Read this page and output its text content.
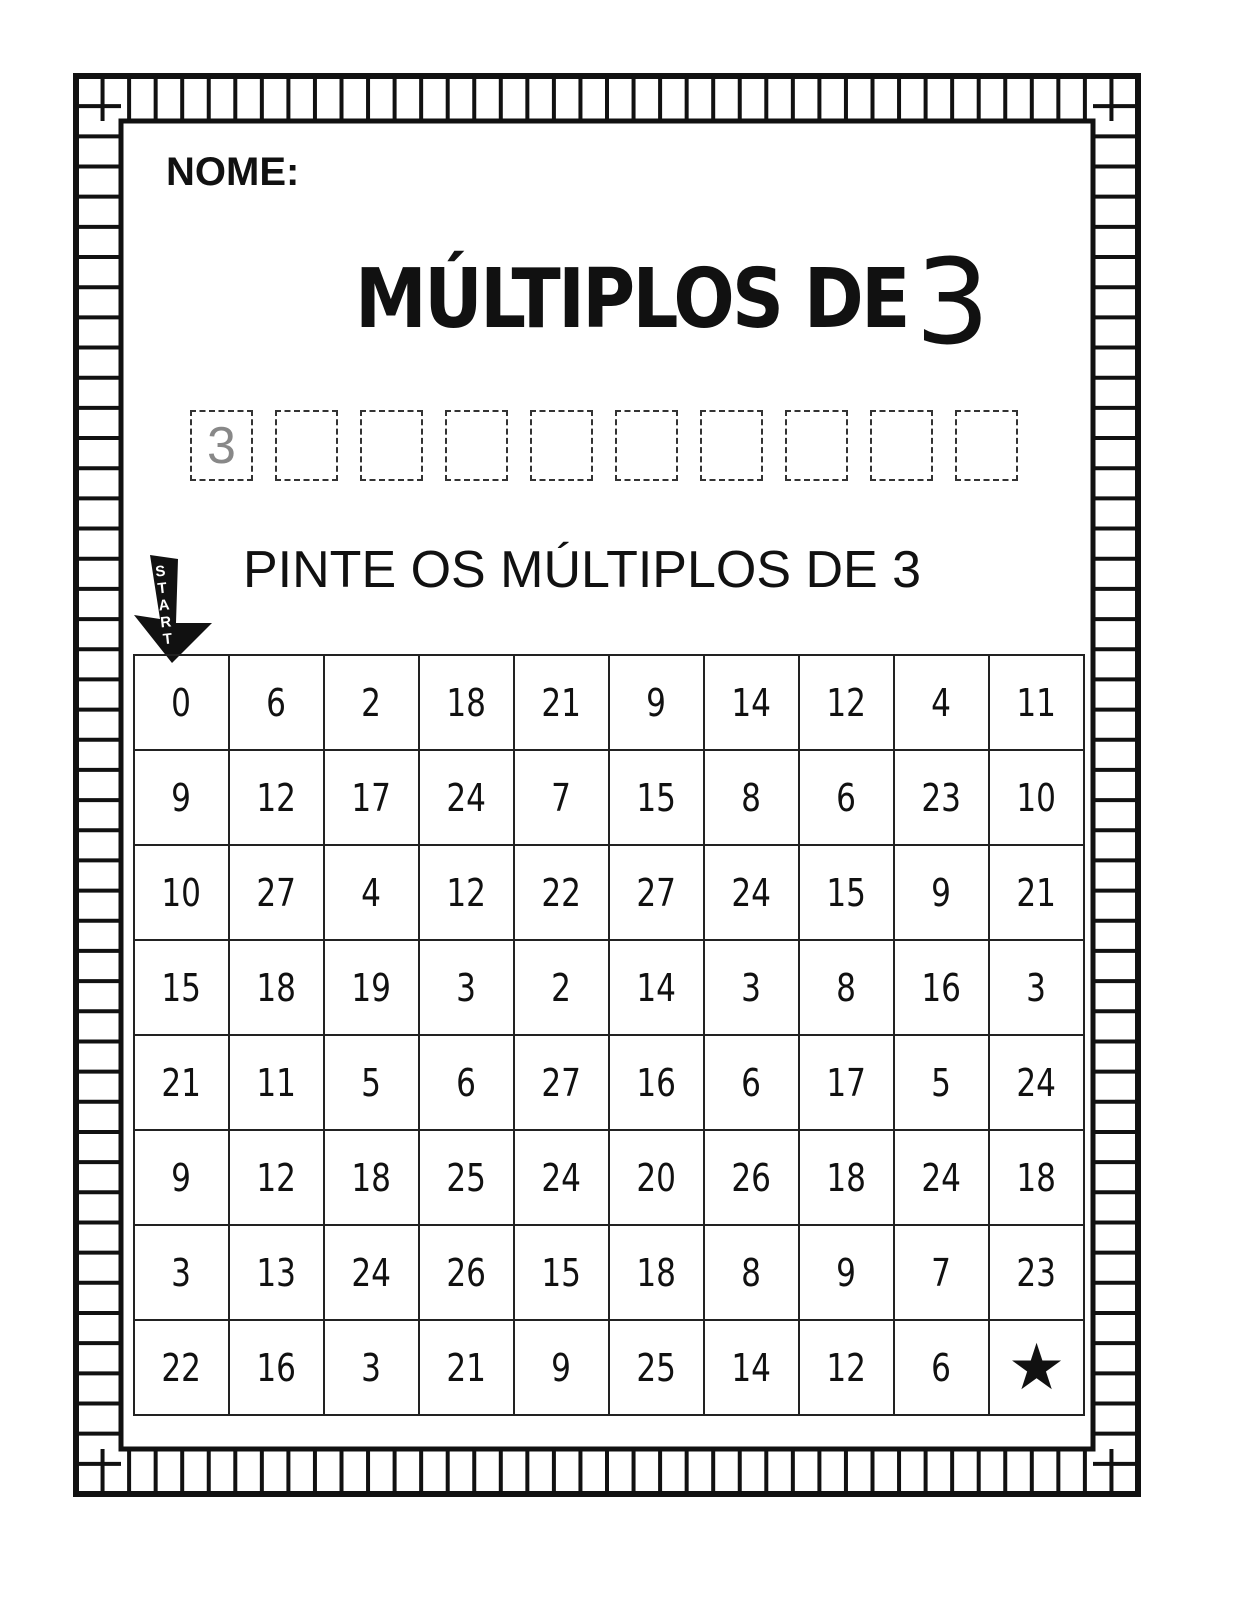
NOME:
MÚLTIPLOS DE 3
3
S
T
A
R
T
PINTE OS MÚLTIPLOS DE 3
0	6	2	18	21	9	14	12	4	11
9	12	17	24	7	15	8	6	23	10
10	27	4	12	22	27	24	15	9	21
15	18	19	3	2	14	3	8	16	3
21	11	5	6	27	16	6	17	5	24
9	12	18	25	24	20	26	18	24	18
3	13	24	26	15	18	8	9	7	23
22	16	3	21	9	25	14	12	6	★
